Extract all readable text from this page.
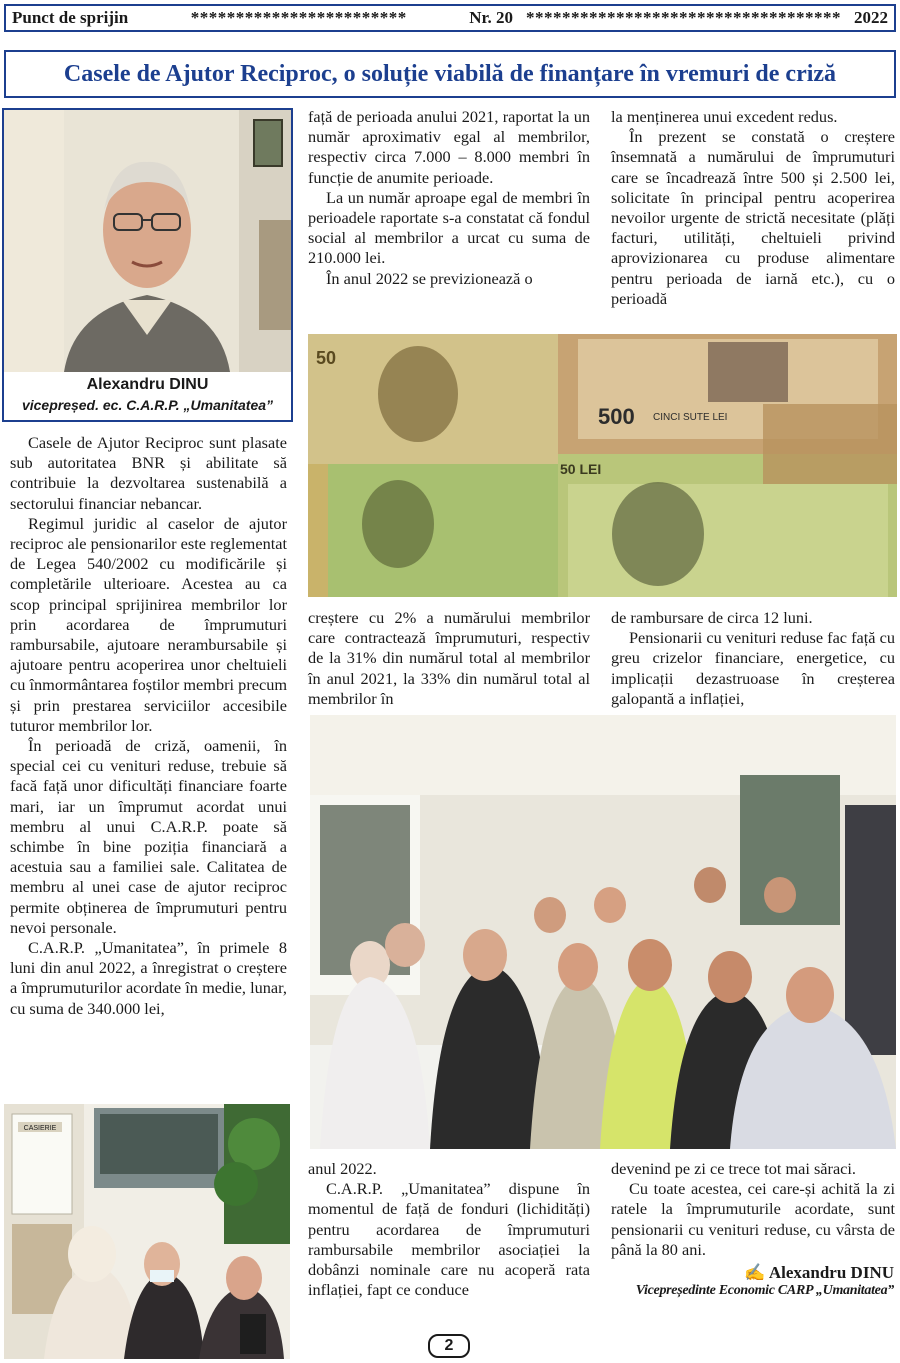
Punct de sprijin	************************	Nr. 20 *********************************** 2022
Casele de Ajutor Reciproc, o soluție viabilă de finanțare în vremuri de criză
Alexandru DINU
vicepreșed. ec. C.A.R.P. „Umanitatea”

Casele de Ajutor Reciproc sunt plasate sub autoritatea BNR și abilitate să contribuie la dezvoltarea sustenabilă a sectorului financiar nebancar.

Regimul juridic al caselor de ajutor reciproc ale pensionarilor este reglementat de Legea 540/2002 cu modificările și completările ulterioare. Acestea au ca scop principal sprijinirea membrilor lor prin acordarea de împrumuturi rambursabile, ajutoare nerambursabile și ajutoare pentru acoperirea unor cheltuieli cu înmormântarea foștilor membri precum și prin prestarea serviciilor accesibile tuturor membrilor lor.

În perioadă de criză, oamenii, în special cei cu venituri reduse, trebuie să facă față unor dificultăți financiare foarte mari, iar un împrumut acordat unui membru al unui C.A.R.P. poate să schimbe în bine poziția financiară a acestuia sau a familiei sale. Calitatea de membru al unei case de ajutor reciproc permite obținerea de împrumuturi pentru nevoi personale.

C.A.R.P. „Umanitatea”, în primele 8 luni din anul 2022, a înregistrat o creștere a împrumuturilor acordate în medie, lunar, cu suma de 340.000 lei,

CASIERIE

față de perioada anului 2021, raportat la un număr aproximativ egal al membrilor, respectiv circa 7.000 – 8.000 membri în funcție de anumite perioade.

La un număr aproape egal de membri în perioadele raportate s-a constatat că fondul social al membrilor a urcat cu suma de 210.000 lei.

În anul 2022 se previzionează o

la menținerea unui excedent redus.

În prezent se constată o creștere însemnată a numărului de împrumuturi care se încadrează între 500 și 2.500 lei, solicitate în principal pentru acoperirea nevoilor urgente de strictă necesitate (plăți facturi, utilități, cheltuieli privind aprovizionarea cu produse alimentare pentru perioada de iarnă etc.), cu o perioadă

500 CINCI SUTE LEI
50
50 LEI

creștere cu 2% a numărului membrilor care contractează împrumuturi, respectiv de la 31% din numărul total al membrilor în anul 2021, la 33% din numărul total al membrilor în

de rambursare de circa 12 luni.

Pensionarii cu venituri reduse fac față cu greu crizelor financiare, energetice, cu implicații dezastruoase în creșterea galopantă a inflației,

anul 2022.

C.A.R.P. „Umanitatea” dispune în momentul de față de fonduri (lichidități) pentru acordarea de împrumuturi rambursabile membrilor asociației la dobânzi nominale care nu acoperă rata inflației, fapt ce conduce

devenind pe zi ce trece tot mai săraci.

Cu toate acestea, cei care-și achită la zi ratele la împrumuturile acordate, sunt pensionarii cu venituri reduse, cu vârsta de până la 80 ani.

✍ Alexandru DINU
Vicepreședinte Economic CARP „Umanitatea”
2
